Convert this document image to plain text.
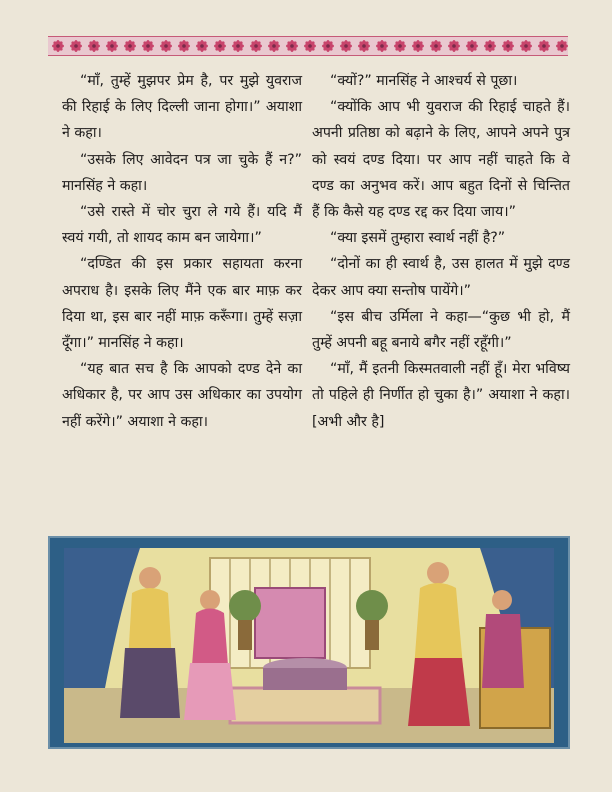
“माँ, तुम्हें मुझपर प्रेम है, पर मुझे युवराज की रिहाई के लिए दिल्ली जाना होगा।” अयाशा ने कहा।

“उसके लिए आवेदन पत्र जा चुके हैं न?” मानसिंह ने कहा।

“उसे रास्ते में चोर चुरा ले गये हैं। यदि मैं स्वयं गयी, तो शायद काम बन जायेगा।”

“दण्डित की इस प्रकार सहायता करना अपराध है। इसके लिए मैंने एक बार माफ़ कर दिया था, इस बार नहीं माफ़ करूँगा। तुम्हें सज़ा दूँगा।” मानसिंह ने कहा।

“यह बात सच है कि आपको दण्ड देने का अधिकार है, पर आप उस अधिकार का उपयोग नहीं करेंगे।” अयाशा ने कहा।

“क्यों?” मानसिंह ने आश्चर्य से पूछा।

“क्योंकि आप भी युवराज की रिहाई चाहते हैं। अपनी प्रतिष्ठा को बढ़ाने के लिए, आपने अपने पुत्र को स्वयं दण्ड दिया। पर आप नहीं चाहते कि वे दण्ड का अनुभव करें। आप बहुत दिनों से चिन्तित हैं कि कैसे यह दण्ड रद्द कर दिया जाय।”

“क्या इसमें तुम्हारा स्वार्थ नहीं है?”

“दोनों का ही स्वार्थ है, उस हालत में मुझे दण्ड देकर आप क्या सन्तोष पायेंगे।”

“इस बीच उर्मिला ने कहा—“कुछ भी हो, मैं तुम्हें अपनी बहू बनाये बगैर नहीं रहूँगी।”

“माँ, मैं इतनी किस्मतवाली नहीं हूँ। मेरा भविष्य तो पहिले ही निर्णीत हो चुका है।” अयाशा ने कहा। [अभी और है]
